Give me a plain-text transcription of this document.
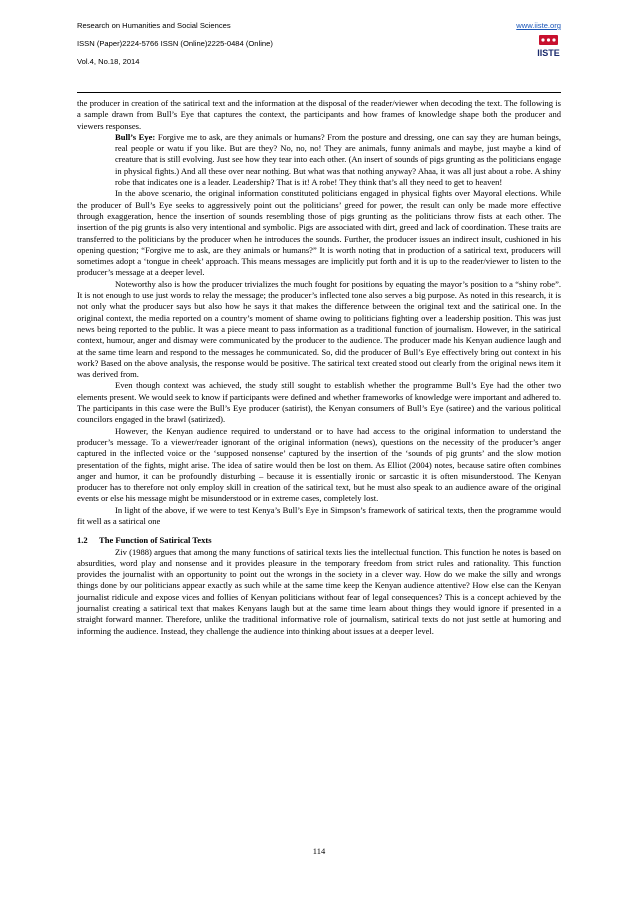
Research on Humanities and Social Sciences
ISSN (Paper)2224-5766 ISSN (Online)2225-0484 (Online)
Vol.4, No.18, 2014
www.iiste.org
IISTE

the producer in creation of the satirical text and the information at the disposal of the reader/viewer when decoding the text. The following is a sample drawn from Bull’s Eye that captures the context, the participants and how frames of knowledge shape both the producer and viewers responses.

Bull’s Eye: Forgive me to ask, are they animals or humans? From the posture and dressing, one can say they are human beings, real people or watu if you like. But are they? No, no, no! They are animals, funny animals and maybe, just maybe a kind of creature that is still evolving. Just see how they tear into each other. (An insert of sounds of pigs grunting as the politicians engage in physical fights.) And all these over near nothing. But what was that nothing anyway? Ahaa, it was all just about a robe. A shiny robe that indicates one is a leader. Leadership? That is it! A robe! They think that’s all they need to get to heaven!

In the above scenario, the original information constituted politicians engaged in physical fights over Mayoral elections. While the producer of Bull’s Eye seeks to aggressively point out the politicians’ greed for power, the result can only be made more effective through exaggeration, hence the insertion of sounds resembling those of pigs grunting as the politicians throw fists at each other. The insertion of the pig grunts is also very intentional and symbolic. Pigs are associated with dirt, greed and lack of coordination. These traits are transferred to the politicians by the producer when he introduces the sounds. Further, the producer issues an indirect insult, cushioned in his opening question; “Forgive me to ask, are they animals or humans?” It is worth noting that in production of a satirical text, producers will sometimes adopt a ‘tongue in cheek’ approach. This means messages are implicitly put forth and it is up to the reader/viewer to listen to the producer’s message at a deeper level.

Noteworthy also is how the producer trivializes the much fought for positions by equating the mayor’s position to a “shiny robe”. It is not enough to use just words to relay the message; the producer’s inflected tone also serves a big purpose. As noted in this research, it is not only what the producer says but also how he says it that makes the difference between the original text and the satirical one. In the original context, the media reported on a country’s moment of shame owing to politicians fighting over a leadership position. This was just news being reported to the public. It was a piece meant to pass information as a traditional function of journalism. However, in the satirical context, humour, anger and dismay were communicated by the producer to the audience. The producer made his Kenyan audience laugh and at the same time learn and respond to the messages he communicated. So, did the producer of Bull’s Eye effectively bring out context in his work? Based on the above analysis, the response would be positive. The satirical text created stood out clearly from the original news item it was derived from.

Even though context was achieved, the study still sought to establish whether the programme Bull’s Eye had the other two elements present. We would seek to know if participants were defined and whether frameworks of knowledge were important and adhered to. The participants in this case were the Bull’s Eye producer (satirist), the Kenyan consumers of Bull’s Eye (satiree) and the various political councilors engaged in the brawl (satirized).

However, the Kenyan audience required to understand or to have had access to the original information to understand the producer’s message. To a viewer/reader ignorant of the original information (news), questions on the necessity of the producer’s anger captured in the inflected voice or the ‘supposed nonsense’ captured by the insertion of the ‘sounds of pig grunts’ and the slow motion presentation of the fights, might arise. The idea of satire would then be lost on them. As Elliot (2004) notes, because satire often combines anger and humor, it can be profoundly disturbing – because it is essentially ironic or sarcastic it is often misunderstood. The Kenyan producer has to therefore not only employ skill in creation of the satirical text, but he must also speak to an audience aware of the original events or else his message might be misunderstood or in extreme cases, completely lost.

In light of the above, if we were to test Kenya’s Bull’s Eye in Simpson’s framework of satirical texts, then the programme would fit well as a satirical one

1.2 The Function of Satirical Texts

Ziv (1988) argues that among the many functions of satirical texts lies the intellectual function. This function he notes is based on absurdities, word play and nonsense and it provides pleasure in the temporary freedom from strict rules and rationality. This function provides the journalist with an opportunity to point out the wrongs in the society in a clever way. How do we make the silly and wrongs things done by our politicians appear exactly as such while at the same time keep the Kenyan audience attentive? How else can the Kenyan journalist ridicule and expose vices and follies of Kenyan politicians without fear of legal consequences? This is a concept achieved by the journalist creating a satirical text that makes Kenyans laugh but at the same time learn about things they would ignore if presented in a straight forward manner. Therefore, unlike the traditional informative role of journalism, satirical texts do not just settle at humoring and informing the audience. Instead, they challenge the audience into thinking about issues at a deeper level.

114
